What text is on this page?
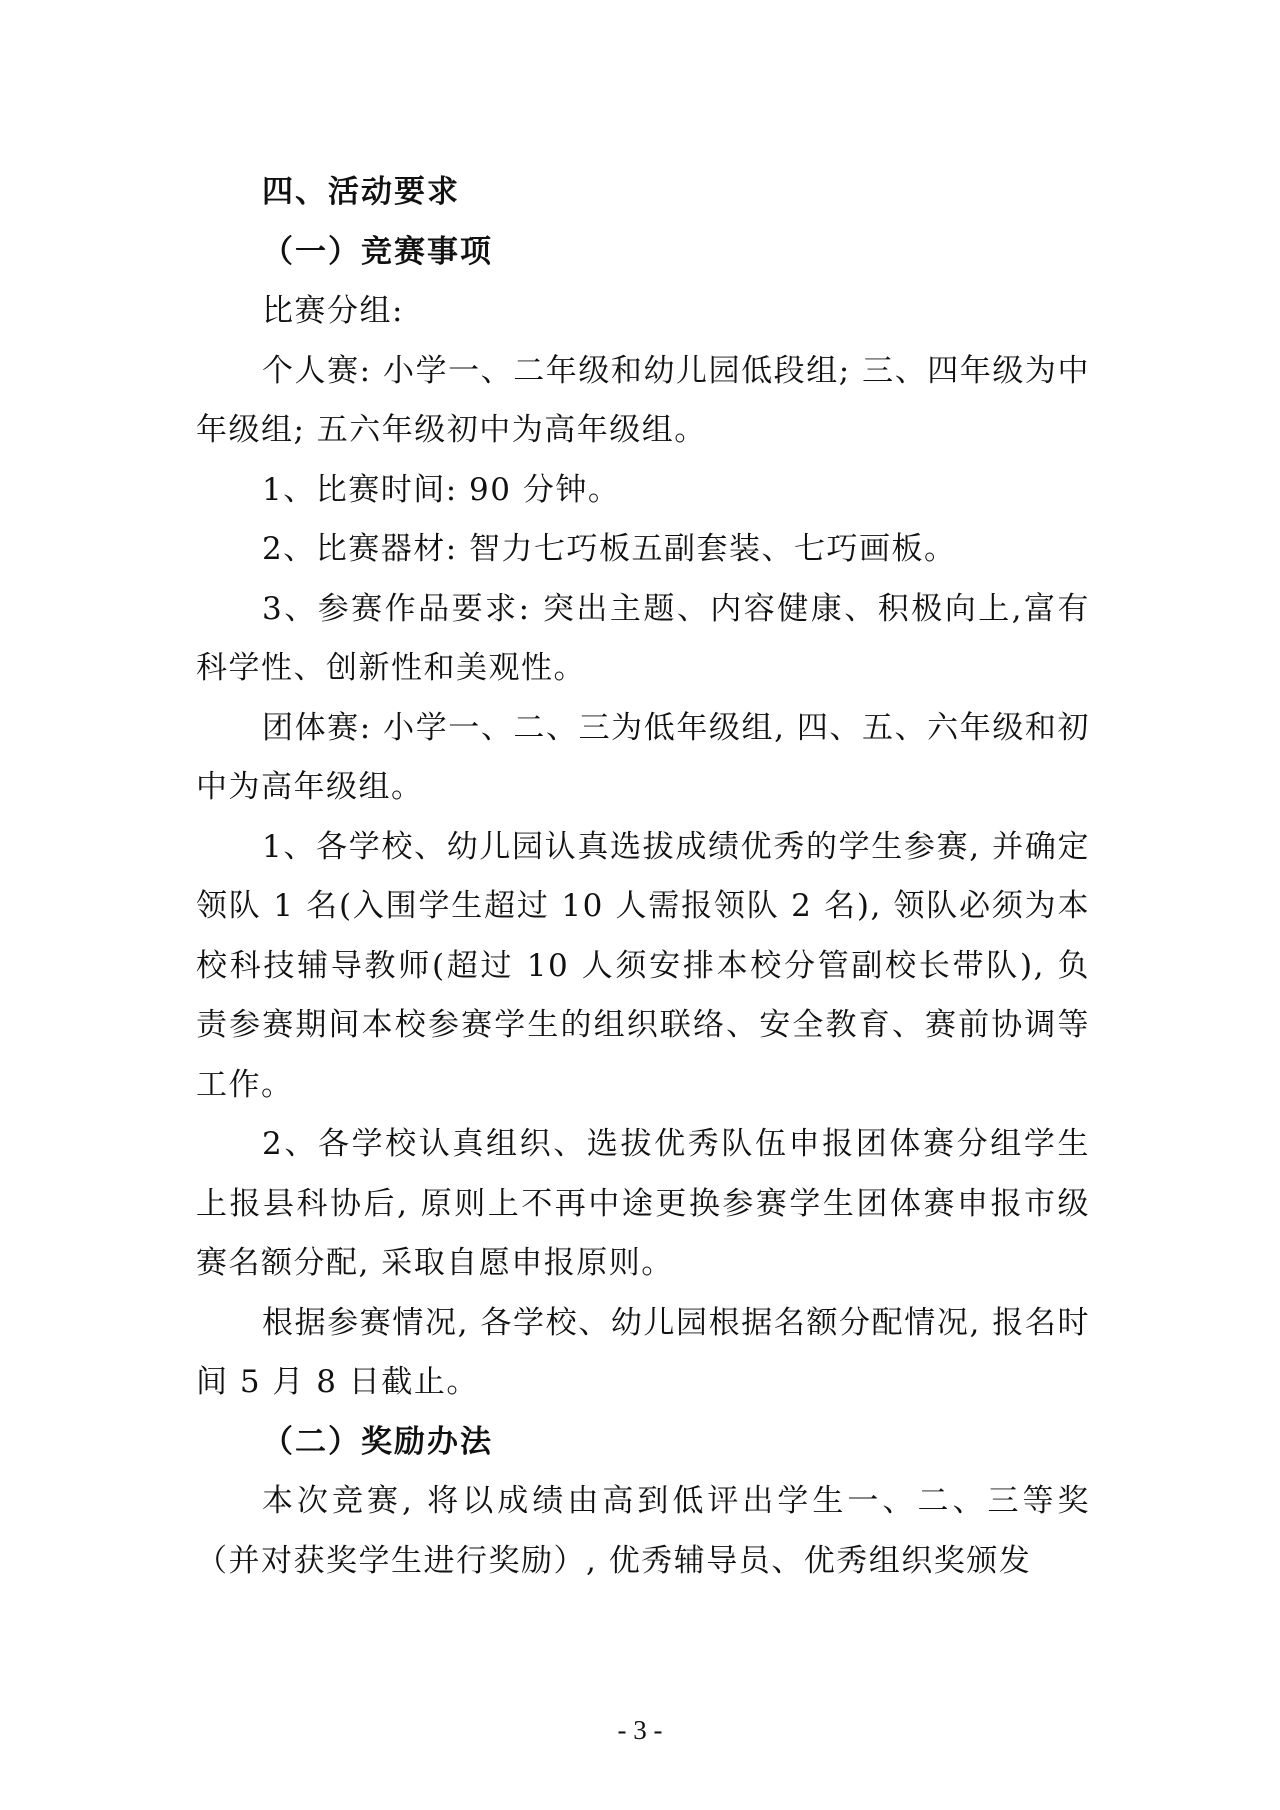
四、活动要求

（一）竞赛事项

比赛分组:

个人赛: 小学一、二年级和幼儿园低段组; 三、四年级为中年级组; 五六年级初中为高年级组。

1、比赛时间: 90 分钟。

2、比赛器材: 智力七巧板五副套装、七巧画板。

3、参赛作品要求: 突出主题、内容健康、积极向上,富有科学性、创新性和美观性。

团体赛: 小学一、二、三为低年级组, 四、五、六年级和初中为高年级组。

1、各学校、幼儿园认真选拔成绩优秀的学生参赛, 并确定领队 1 名(入围学生超过 10 人需报领队 2 名), 领队必须为本校科技辅导教师(超过 10 人须安排本校分管副校长带队), 负责参赛期间本校参赛学生的组织联络、安全教育、赛前协调等工作。

2、各学校认真组织、选拔优秀队伍申报团体赛分组学生上报县科协后, 原则上不再中途更换参赛学生团体赛申报市级赛名额分配, 采取自愿申报原则。

根据参赛情况, 各学校、幼儿园根据名额分配情况, 报名时间 5 月 8 日截止。

（二）奖励办法

本次竞赛, 将以成绩由高到低评出学生一、二、三等奖（并对获奖学生进行奖励）, 优秀辅导员、优秀组织奖颁发

- 3 -
